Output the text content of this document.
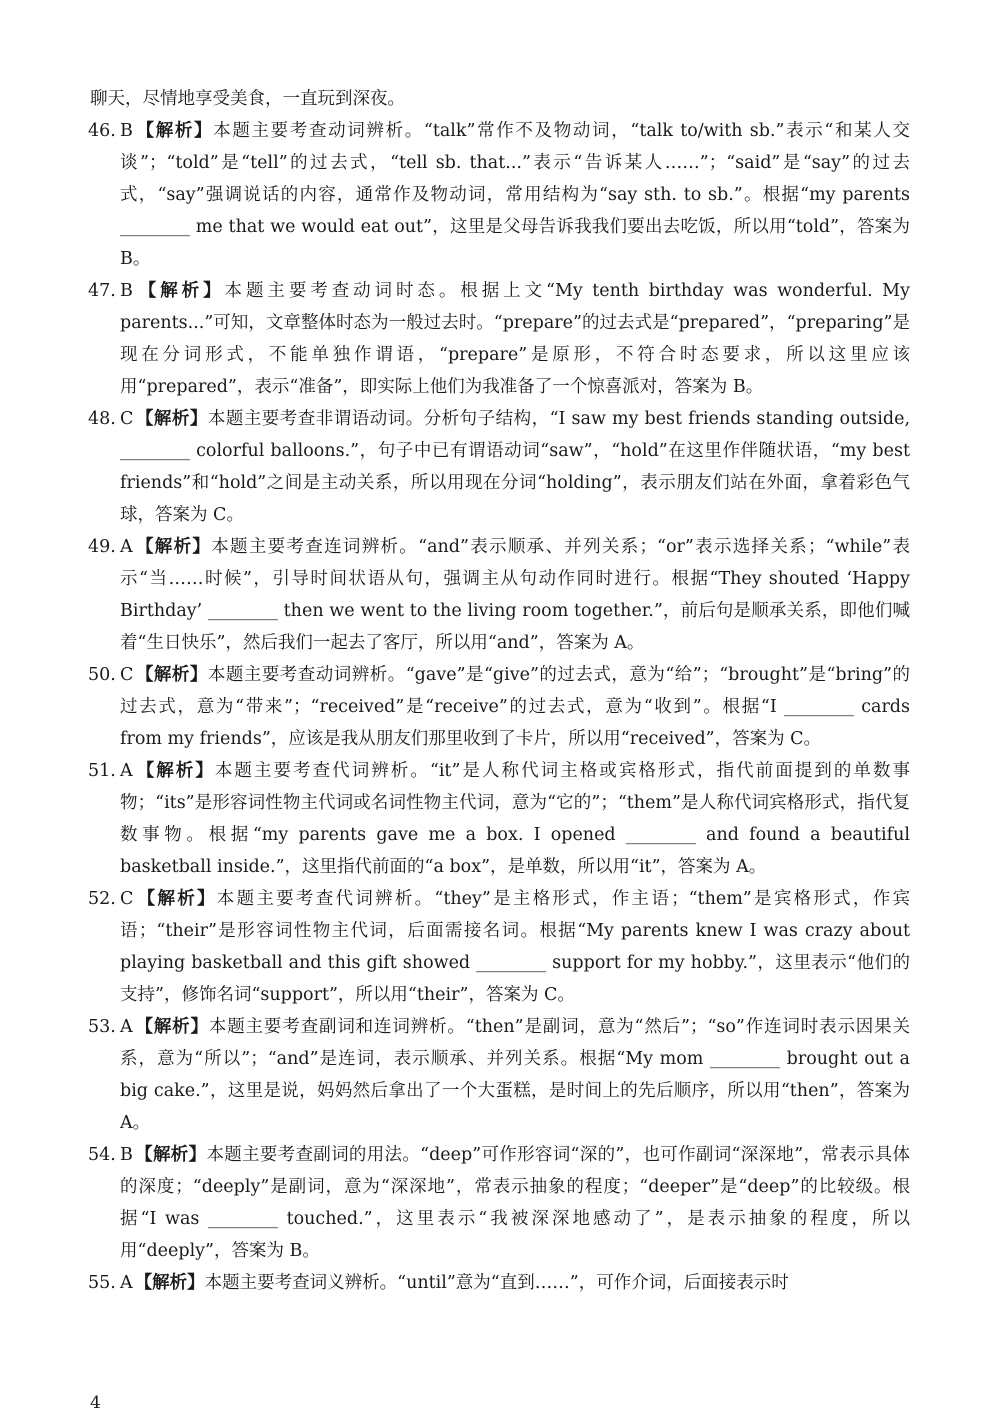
聊天，尽情地享受美食，一直玩到深夜。

46. B 【解析】本题主要考查动词辨析。“talk”常作不及物动词，“talk to/with sb.”表示“和某人交谈”；“told”是“tell”的过去式，“tell sb. that...”表示“告诉某人……”；“said”是“say”的过去式，“say”强调说话的内容，通常作及物动词，常用结构为“say sth. to sb.”。根据“my parents ________ me that we would eat out”，这里是父母告诉我我们要出去吃饭，所以用“told”，答案为 B。
47. B 【解析】本题主要考查动词时态。根据上文“My tenth birthday was wonderful. My parents...”可知，文章整体时态为一般过去时。“prepare”的过去式是“prepared”，“preparing”是现在分词形式，不能单独作谓语，“prepare”是原形，不符合时态要求，所以这里应该用“prepared”，表示“准备”，即实际上他们为我准备了一个惊喜派对，答案为 B。
48. C 【解析】本题主要考查非谓语动词。分析句子结构，“I saw my best friends standing outside, ________ colorful balloons.”，句子中已有谓语动词“saw”，“hold”在这里作伴随状语，“my best friends”和“hold”之间是主动关系，所以用现在分词“holding”，表示朋友们站在外面，拿着彩色气球，答案为 C。
49. A 【解析】本题主要考查连词辨析。“and”表示顺承、并列关系；“or”表示选择关系；“while”表示“当……时候”，引导时间状语从句，强调主从句动作同时进行。根据“They shouted ‘Happy Birthday’ ________ then we went to the living room together.”，前后句是顺承关系，即他们喊着“生日快乐”，然后我们一起去了客厅，所以用“and”，答案为 A。
50. C 【解析】本题主要考查动词辨析。“gave”是“give”的过去式，意为“给”；“brought”是“bring”的过去式，意为“带来”；“received”是“receive”的过去式，意为“收到”。根据“I ________ cards from my friends”，应该是我从朋友们那里收到了卡片，所以用“received”，答案为 C。
51. A 【解析】本题主要考查代词辨析。“it”是人称代词主格或宾格形式，指代前面提到的单数事物；“its”是形容词性物主代词或名词性物主代词，意为“它的”；“them”是人称代词宾格形式，指代复数事物。根据“my parents gave me a box. I opened ________ and found a beautiful basketball inside.”，这里指代前面的“a box”，是单数，所以用“it”，答案为 A。
52. C 【解析】本题主要考查代词辨析。“they”是主格形式，作主语；“them”是宾格形式，作宾语；“their”是形容词性物主代词，后面需接名词。根据“My parents knew I was crazy about playing basketball and this gift showed ________ support for my hobby.”，这里表示“他们的支持”，修饰名词“support”，所以用“their”，答案为 C。
53. A 【解析】本题主要考查副词和连词辨析。“then”是副词，意为“然后”；“so”作连词时表示因果关系，意为“所以”；“and”是连词，表示顺承、并列关系。根据“My mom ________ brought out a big cake.”，这里是说，妈妈然后拿出了一个大蛋糕，是时间上的先后顺序，所以用“then”，答案为 A。
54. B 【解析】本题主要考查副词的用法。“deep”可作形容词“深的”，也可作副词“深深地”，常表示具体的深度；“deeply”是副词，意为“深深地”，常表示抽象的程度；“deeper”是“deep”的比较级。根据“I was ________ touched.”，这里表示“我被深深地感动了”，是表示抽象的程度，所以用“deeply”，答案为 B。
55. A 【解析】本题主要考查词义辨析。“until”意为“直到……”，可作介词，后面接表示时
4
